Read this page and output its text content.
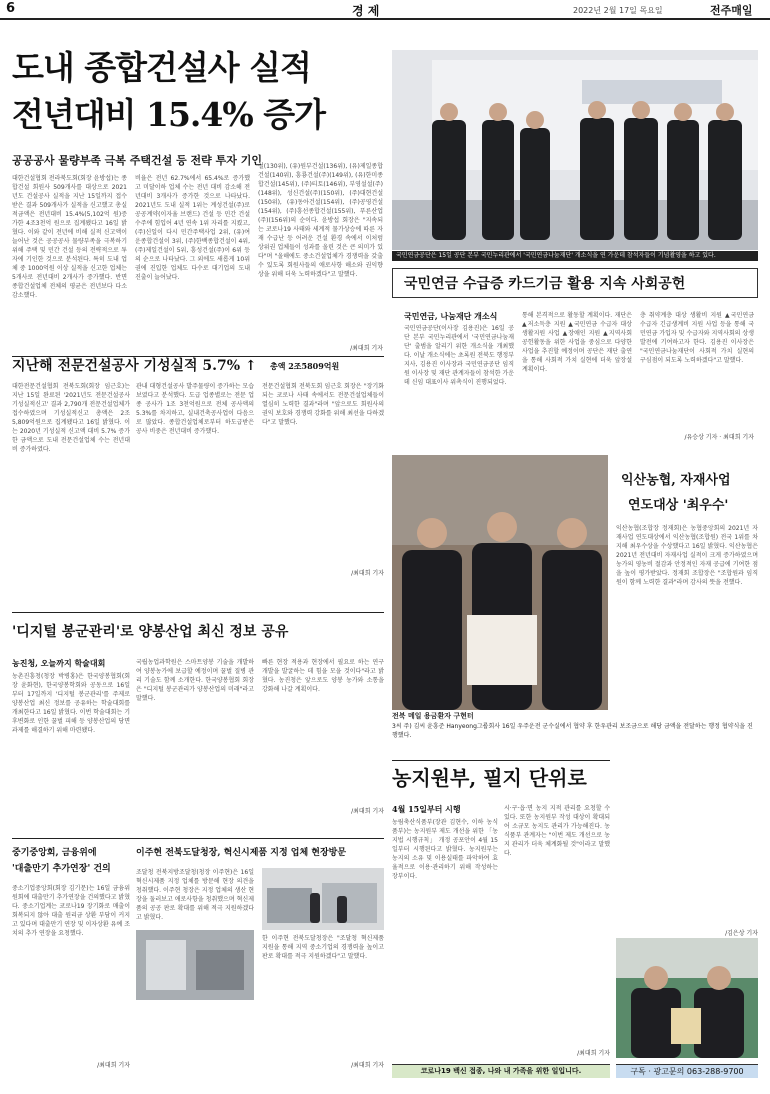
6	경 제	2022년 2월 17일 목요일	전주매일
도내 종합건설사 실적
전년대비 15.4% 증가
공공공사 물량부족 극복 주택건설 등 전략 투자 기인
대한건설협회 전라북도회(회장 윤방섭)는 종합건설 회원사 509개사를 대상으로 2021년도 건설공사 실적을 지난 15일까지 접수받은 결과 509개사가 실적을 신고했고 총실적금액은 전년대비 15.4%(5,102억 원)증가한 4조3천억 원으로 집계됐다고 16일 밝혔다. 이와 같이 전년에 비해 실적 신고액이 늘어난 것은 공공공사 물량부족을 극복하기 위해 주택 및 민간 건설 등의 전략적으로 투자에 기인한 것으로 분석된다. 특히 도내 업체 중 1000억원 이상 실적을 신고한 업체는 5개사로 전년대비 2개사가 증가했다. 반면 종합건설업체 전체의 평균은 전년보다 다소 감소했다.
비율은 전년 62.7%에서 65.4%로 증가했고 미달이하 업체 수는 전년 대비 감소해 전년대비 3개사가 증가한 것으로 나타났다. 2021년도 도내 실적 1위는 계성건설(주)로 공공계약(이자율 브랜드) 건설 등 민간 건설 수주에 힘입어 4년 연속 1위 자리를 지켰고, (주)신일이 다시 민간주택사업 2위, (유)여운종합건설이 3위, (주)한백종합건설이 4위, (주)제일건설이 5위, 흥성건설(주)이 6위 등의 순으로 나타났다. 그 외에도 새롭게 10위권에 진입한 업체도 다수로 대기업의 도내 진출이 늘어났다.
설(130위), (유)원부건설(136위), (유)제일종합건설(140위), 흥룡건설(주)(149위), (유)한미종합건설(145위), (주)티토(146위), 부영설설(주)(148위), 성신건설(주)(150위), (주)대현건설(150위), (유)동아건설(154위), (주)공영건설(154위), (주)흥선종합건설(155위), 푸른산업(주)(156위)의 순이다. 윤방섭 회장은 "지속되는 코로나19 사태와 세계적 물가상승에 따른 자재 수급난 등 어려운 건설 환경 속에서 이처럼 상위권 업체들이 성과를 올린 것은 큰 의미가 있다"며 "올해에도 중소건설업체가 경쟁력을 갖출 수 있도록 회원사들의 애로사항 해소와 권익향상을 위해 더욱 노력하겠다"고 말했다.
/최대희 기자
국민연금공단은 15일 공단 본부 국민누리관에서 '국민연금나눔재단' 개소식을 연 가운데 참석자들이 기념촬영을 하고 있다.
국민연금 수급증 카드기금 활용 지속 사회공헌
국민연금, 나눔재단 개소식
국민연금공단(이사장 김용진)은 16일 공단 본부 국민누리관에서 '국민연금나눔재단' 출범을 알리기 위한 개소식을 개최했다. 이날 개소식에는 초록원 전북도 행정부지사, 김용진 이사장과 국민연금공단 임직원 이사장 및 재단 관계자들이 참석한 가운데 신임 대표이사 위촉식이 진행되었다.
통해 본격적으로 활동할 계획이다. 재단은 ▲저소득층 지원 ▲국민연금 수급자 대상 생활지원 사업 ▲장애인 지원 ▲지역사회 공헌활동을 위한 사업을 중심으로 다양한 사업을 추진할 예정이며 공단은 재단 출연을 통해 사회적 가치 실현에 더욱 앞장설 계획이다.
층 취약계층 대상 생활비 지원 ▲국민연금 수급자 긴급생계비 지원 사업 등을 통해 국민연금 가입자 및 수급자와 지역사회의 상생 발전에 기여하고자 한다. 김용진 이사장은 "국민연금나눔재단이 사회적 가치 실현의 구심점이 되도록 노력하겠다"고 말했다.
/유승상 기자 · 최대희 기자
지난해 전문건설공사 기성실적 5.7% ↑	총액 2조5809억원
대한전문건설협회 전북도회(회장 임근호)는 지난 15일 완료된 '2021년도 전문건설공사 기성실적신고' 결과 2,790개 전문건설업체가 접수하였으며 기성실적신고 총액은 2조5,809억원으로 집계됐다고 16일 밝혔다. 이는 2020년 기성실적 신고액 대비 5.7% 증가한 금액으로 도내 전문건설업체 수는 전년대비 증가하였다.
관내 대형건설공사 발주물량이 증가하는 모습 보였다고 분석했다. 도급 업종별로는 전문 업종 공사가 1조 3천억원으로 전체 공사액의 5.3%를 차지하고, 실내건축공사업이 다음으로 많았다. 종합건설업체로부터 하도급받은 공사 비중은 전년대비 증가했다.
전문건설협회 전북도회 임근호 회장은 "장기화되는 코로나 사태 속에서도 전문건설업체들이 열심히 노력한 결과"라며 "앞으로도 회원사의 권익 보호와 경쟁력 강화를 위해 최선을 다하겠다"고 말했다.
/최대희 기자
전북 메일 용금환자 구현터
3씨 주) 김씨 윤흥준 Hanyeong그룹회사 16일 우주운전 군수실에서 협약 후 한우관리 보조금으로 해당 금액을 전달하는 행정 협약식을 진행했다.
익산농협, 자재사업
연도대상 '최우수'
익산농협(조합장 정재회)은 농협중앙회의 2021년 자재사업 연도대상에서 익산농협(조합원) 전국 1위를 차지해 최우수상을 수상했다고 16일 밝혔다. 익산농협은 2021년 전년대비 자재사업 실적이 크게 증가하였으며 농가의 영농비 절감과 안정적인 자재 공급에 기여한 점을 높이 평가받았다. 정재회 조합장은 "조합원과 임직원이 함께 노력한 결과"라며 감사의 뜻을 전했다.
/김은상 기자
구독 · 광고문의 063-288-9700
'디지털 봉군관리'로 양봉산업 최신 정보 공유
농진청, 오늘까지 학술대회
농촌진흥청(청장 박병홍)은 한국양봉협회(회장 윤화현), 한국양봉학회와 공동으로 16일부터 17일까지 '디지털 봉군관리'를 주제로 양봉산업 최신 정보를 공유하는 학술대회를 개최한다고 16일 밝혔다. 이번 학술대회는 기후변화로 인한 꿀벌 피해 등 양봉산업의 당면 과제를 해결하기 위해 마련됐다.
국립농업과학원은 스마트양봉 기술을 개발하여 양봉농가에 보급할 예정이며 꿀벌 질병 관리 기술도 함께 소개한다. 한국양봉협회 회장은 "디지털 봉군관리가 양봉산업의 미래"라고 말했다.
빠른 현장 적용과 현장에서 필요로 하는 연구 개발을 발굴하는 데 힘을 모을 것이다"라고 밝혔다. 농진청은 앞으로도 양봉 농가와 소통을 강화해 나갈 계획이다.
/최대희 기자
농지원부, 필지 단위로
4월 15일부터 시행
농림축산식품부(장관 김현수, 이하 농식품부)는 농지원부 제도 개선을 위한 「농지법 시행규칙」 개정 공포안이 4월 15일부터 시행된다고 밝혔다. 농지원부는 농지의 소유 및 이용실태를 파악하여 효율적으로 이용·관리하기 위해 작성하는 장부이다.
시·구·읍·면 농지 지적 관리를 요청할 수 있다. 또한 농지원부 작성 대상이 확대되어 소규모 농지도 관리가 가능해진다. 농식품부 관계자는 "이번 제도 개선으로 농지 관리가 더욱 체계화될 것"이라고 말했다.
/최대희 기자
중기중앙회, 금융위에
'대출만기 추가연장' 건의
중소기업중앙회(회장 김기문)는 16일 금융위원회에 대출만기 추가연장을 건의했다고 밝혔다. 중소기업계는 코로나19 장기화로 매출이 회복되지 않아 대출 원리금 상환 부담이 커지고 있다며 대출만기 연장 및 이자상환 유예 조치의 추가 연장을 요청했다.
/최대희 기자
이주현 전북도달청장, 혁신시제품 지정 업체 현장방문
조달청 전북지방조달청(청장 이주현)은 16일 혁신시제품 지정 업체를 방문해 현장 의견을 청취했다. 이주현 청장은 지정 업체의 생산 현장을 둘러보고 애로사항을 청취했으며 혁신제품의 공공 판로 확대를 위해 적극 지원하겠다고 밝혔다.
한 이주현 전북도달청장은 "조달청 혁신제품 지원을 통해 지역 중소기업의 경쟁력을 높이고 판로 확대를 적극 지원하겠다"고 말했다.
/최대희 기자
코로나19 백신 접종, 나와 내 가족을 위한 일입니다.
